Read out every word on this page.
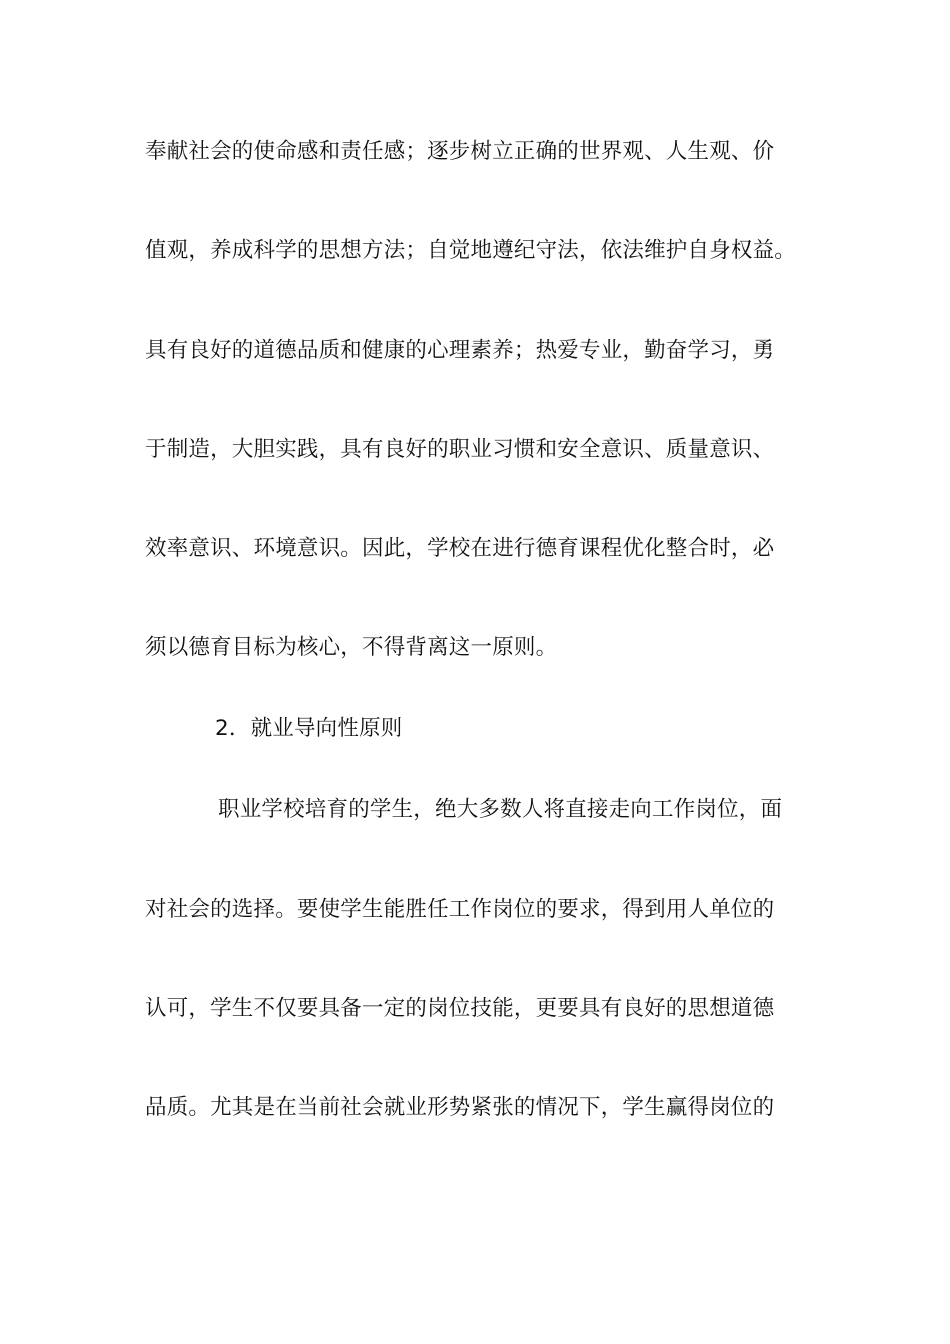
奉献社会的使命感和责任感；逐步树立正确的世界观、人生观、价
值观，养成科学的思想方法；自觉地遵纪守法，依法维护自身权益。
具有良好的道德品质和健康的心理素养；热爱专业，勤奋学习，勇
于制造，大胆实践，具有良好的职业习惯和安全意识、质量意识、
效率意识、环境意识。因此，学校在进行德育课程优化整合时，必
须以德育目标为核心，不得背离这一原则。
2．就业导向性原则
职业学校培育的学生，绝大多数人将直接走向工作岗位，面
对社会的选择。要使学生能胜任工作岗位的要求，得到用人单位的
认可，学生不仅要具备一定的岗位技能，更要具有良好的思想道德
品质。尤其是在当前社会就业形势紧张的情况下，学生赢得岗位的
